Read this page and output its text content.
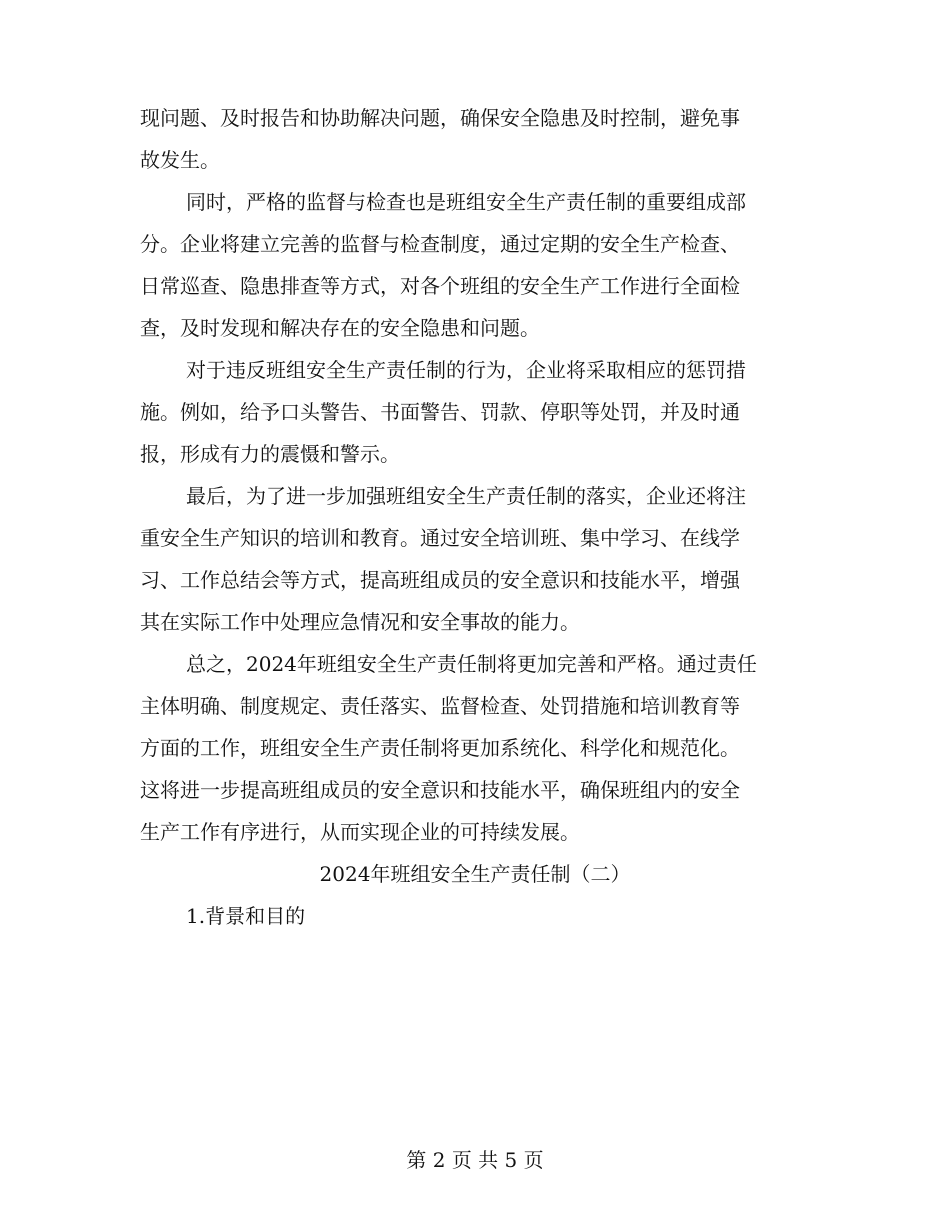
现问题、及时报告和协助解决问题，确保安全隐患及时控制，避免事
故发生。

同时，严格的监督与检查也是班组安全生产责任制的重要组成部
分。企业将建立完善的监督与检查制度，通过定期的安全生产检查、
日常巡查、隐患排查等方式，对各个班组的安全生产工作进行全面检
查，及时发现和解决存在的安全隐患和问题。

对于违反班组安全生产责任制的行为，企业将采取相应的惩罚措
施。例如，给予口头警告、书面警告、罚款、停职等处罚，并及时通
报，形成有力的震慑和警示。

最后，为了进一步加强班组安全生产责任制的落实，企业还将注
重安全生产知识的培训和教育。通过安全培训班、集中学习、在线学
习、工作总结会等方式，提高班组成员的安全意识和技能水平，增强
其在实际工作中处理应急情况和安全事故的能力。

总之，2024年班组安全生产责任制将更加完善和严格。通过责任
主体明确、制度规定、责任落实、监督检查、处罚措施和培训教育等
方面的工作，班组安全生产责任制将更加系统化、科学化和规范化。
这将进一步提高班组成员的安全意识和技能水平，确保班组内的安全
生产工作有序进行，从而实现企业的可持续发展。

2024年班组安全生产责任制（二）

1.背景和目的

第 2 页 共 5 页
